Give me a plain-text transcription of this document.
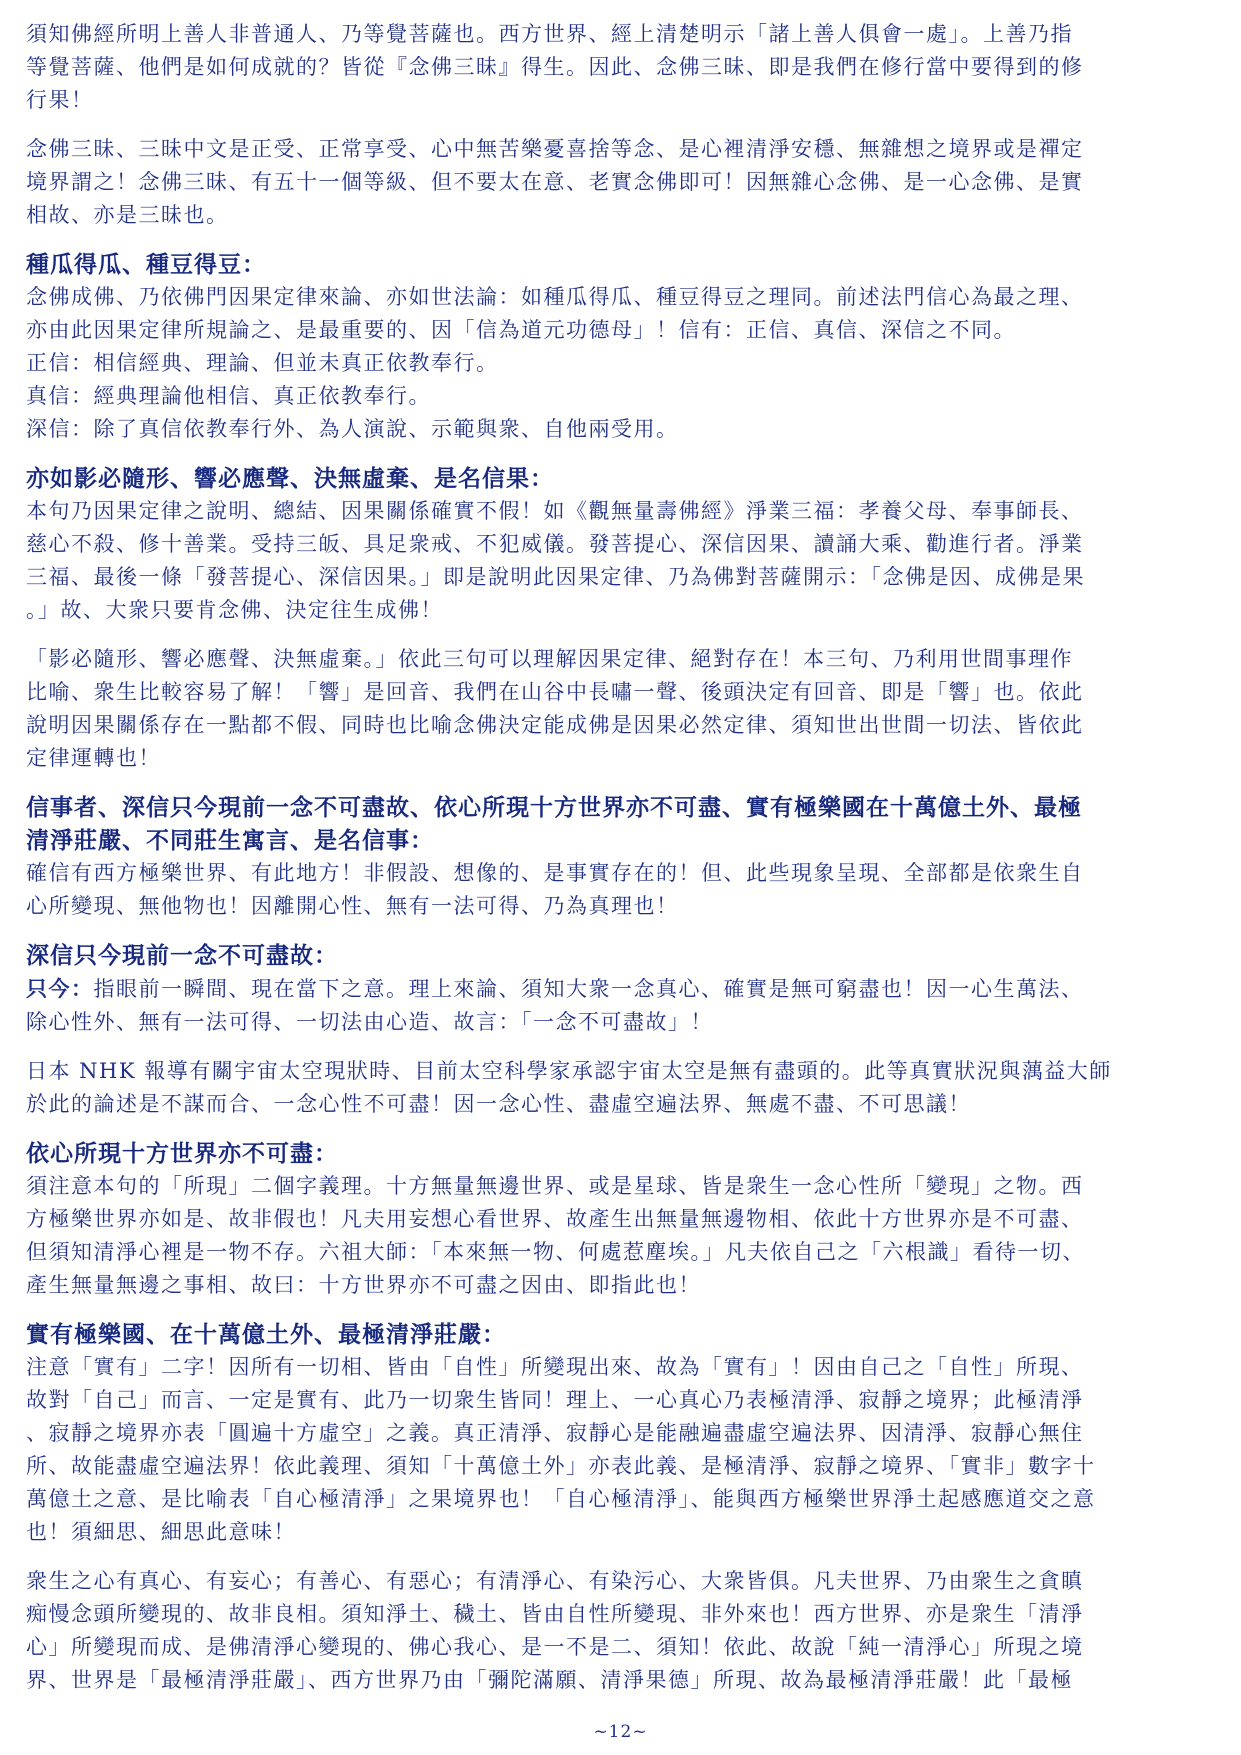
須知佛經所明上善人非普通人、乃等覺菩薩也。西方世界、經上清楚明示「諸上善人俱會一處」。上善乃指
等覺菩薩、他們是如何成就的？皆從『念佛三昧』得生。因此、念佛三昧、即是我們在修行當中要得到的修
行果！
念佛三昧、三昧中文是正受、正常享受、心中無苦樂憂喜捨等念、是心裡清淨安穩、無雜想之境界或是禪定
境界謂之！念佛三昧、有五十一個等級、但不要太在意、老實念佛即可！因無雜心念佛、是一心念佛、是實
相故、亦是三昧也。
種瓜得瓜、種豆得豆：
念佛成佛、乃依佛門因果定律來論、亦如世法論：如種瓜得瓜、種豆得豆之理同。前述法門信心為最之理、
亦由此因果定律所規論之、是最重要的、因「信為道元功德母」！信有：正信、真信、深信之不同。
正信：相信經典、理論、但並未真正依教奉行。
真信：經典理論他相信、真正依教奉行。
深信：除了真信依教奉行外、為人演說、示範與衆、自他兩受用。
亦如影必隨形、響必應聲、決無虛棄、是名信果：
本句乃因果定律之說明、總結、因果關係確實不假！如《觀無量壽佛經》淨業三福：孝養父母、奉事師長、
慈心不殺、修十善業。受持三皈、具足衆戒、不犯威儀。發菩提心、深信因果、讀誦大乘、勸進行者。淨業
三福、最後一條「發菩提心、深信因果。」即是說明此因果定律、乃為佛對菩薩開示：「念佛是因、成佛是果
。」故、大衆只要肯念佛、決定往生成佛！
「影必隨形、響必應聲、決無虛棄。」依此三句可以理解因果定律、絕對存在！本三句、乃利用世間事理作
比喻、衆生比較容易了解！「響」是回音、我們在山谷中長嘯一聲、後頭決定有回音、即是「響」也。依此
說明因果關係存在一點都不假、同時也比喻念佛決定能成佛是因果必然定律、須知世出世間一切法、皆依此
定律運轉也！
信事者、深信只今現前一念不可盡故、依心所現十方世界亦不可盡、實有極樂國在十萬億土外、最極
清淨莊嚴、不同莊生寓言、是名信事：
確信有西方極樂世界、有此地方！非假設、想像的、是事實存在的！但、此些現象呈現、全部都是依衆生自
心所變現、無他物也！因離開心性、無有一法可得、乃為真理也！
深信只今現前一念不可盡故：
只今：指眼前一瞬間、現在當下之意。理上來論、須知大衆一念真心、確實是無可窮盡也！因一心生萬法、
除心性外、無有一法可得、一切法由心造、故言：「一念不可盡故」！
日本 NHK 報導有關宇宙太空現狀時、目前太空科學家承認宇宙太空是無有盡頭的。此等真實狀況與蕅益大師
於此的論述是不謀而合、一念心性不可盡！因一念心性、盡虛空遍法界、無處不盡、不可思議！
依心所現十方世界亦不可盡：
須注意本句的「所現」二個字義理。十方無量無邊世界、或是星球、皆是衆生一念心性所「變現」之物。西
方極樂世界亦如是、故非假也！凡夫用妄想心看世界、故產生出無量無邊物相、依此十方世界亦是不可盡、
但須知清淨心裡是一物不存。六祖大師：「本來無一物、何處惹塵埃。」凡夫依自己之「六根識」看待一切、
產生無量無邊之事相、故曰：十方世界亦不可盡之因由、即指此也！
實有極樂國、在十萬億土外、最極清淨莊嚴：
注意「實有」二字！因所有一切相、皆由「自性」所變現出來、故為「實有」！因由自己之「自性」所現、
故對「自己」而言、一定是實有、此乃一切衆生皆同！理上、一心真心乃表極清淨、寂靜之境界；此極清淨
、寂靜之境界亦表「圓遍十方虛空」之義。真正清淨、寂靜心是能融遍盡虛空遍法界、因清淨、寂靜心無住
所、故能盡虛空遍法界！依此義理、須知「十萬億土外」亦表此義、是極清淨、寂靜之境界、「實非」數字十
萬億土之意、是比喻表「自心極清淨」之果境界也！「自心極清淨」、能與西方極樂世界淨土起感應道交之意
也！須細思、細思此意味！
衆生之心有真心、有妄心；有善心、有惡心；有清淨心、有染污心、大衆皆俱。凡夫世界、乃由衆生之貪瞋
痴慢念頭所變現的、故非良相。須知淨土、穢土、皆由自性所變現、非外來也！西方世界、亦是衆生「清淨
心」所變現而成、是佛清淨心變現的、佛心我心、是一不是二、須知！依此、故說「純一清淨心」所現之境
界、世界是「最極清淨莊嚴」、西方世界乃由「彌陀滿願、清淨果德」所現、故為最極清淨莊嚴！此「最極
~12~
